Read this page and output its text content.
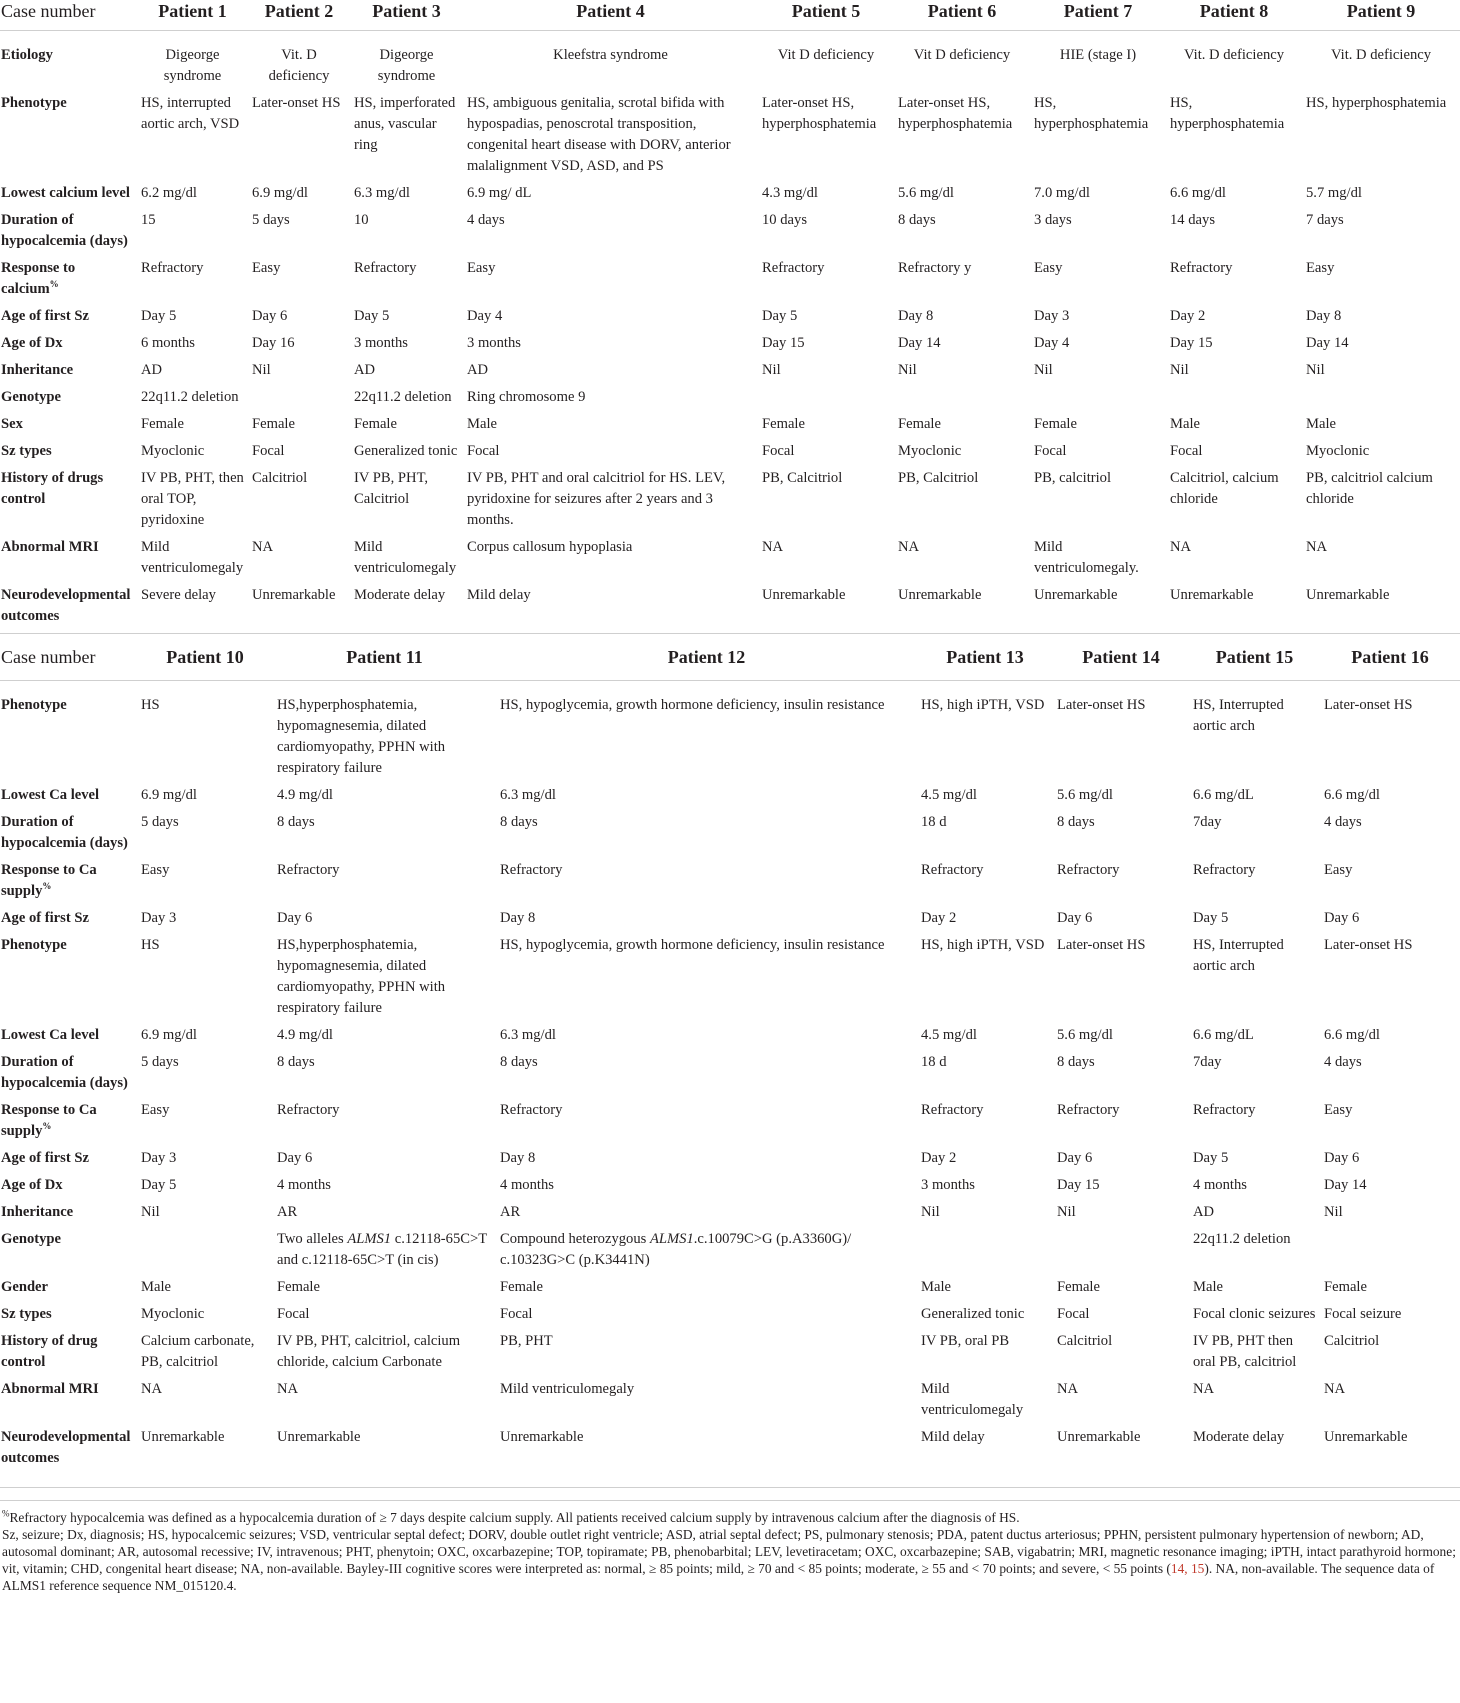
Case number	Patient 1	Patient 2	Patient 3	Patient 4	Patient 5	Patient 6	Patient 7	Patient 8	Patient 9
Etiology	Digeorge syndrome	Vit. D deficiency	Digeorge syndrome	Kleefstra syndrome	Vit D deficiency	Vit D deficiency	HIE (stage I)	Vit. D deficiency	Vit. D deficiency
Phenotype	HS, interrupted aortic arch, VSD	Later-onset HS	HS, imperforated anus, vascular ring	HS, ambiguous genitalia, scrotal bifida with hypospadias, penoscrotal transposition, congenital heart disease with DORV, anterior malalignment VSD, ASD, and PS	Later-onset HS, hyperphosphatemia	Later-onset HS, hyperphosphatemia	HS, hyperphosphatemia	HS, hyperphosphatemia	HS, hyperphosphatemia
Lowest calcium level	6.2 mg/dl	6.9 mg/dl	6.3 mg/dl	6.9 mg/ dL	4.3 mg/dl	5.6 mg/dl	7.0 mg/dl	6.6 mg/dl	5.7 mg/dl
Duration of hypocalcemia (days)	15	5 days	10	4 days	10 days	8 days	3 days	14 days	7 days
Response to calcium%	Refractory	Easy	Refractory	Easy	Refractory	Refractory y	Easy	Refractory	Easy
Age of first Sz	Day 5	Day 6	Day 5	Day 4	Day 5	Day 8	Day 3	Day 2	Day 8
Age of Dx	6 months	Day 16	3 months	3 months	Day 15	Day 14	Day 4	Day 15	Day 14
Inheritance	AD	Nil	AD	AD	Nil	Nil	Nil	Nil	Nil
Genotype	22q11.2 deletion		22q11.2 deletion	Ring chromosome 9					
Sex	Female	Female	Female	Male	Female	Female	Female	Male	Male
Sz types	Myoclonic	Focal	Generalized tonic	Focal	Focal	Myoclonic	Focal	Focal	Myoclonic
History of drugs control	IV PB, PHT, then oral TOP, pyridoxine	Calcitriol	IV PB, PHT, Calcitriol	IV PB, PHT and oral calcitriol for HS. LEV, pyridoxine for seizures after 2 years and 3 months.	PB, Calcitriol	PB, Calcitriol	PB, calcitriol	Calcitriol, calcium chloride	PB, calcitriol calcium chloride
Abnormal MRI	Mild ventriculomegaly	NA	Mild ventriculomegaly	Corpus callosum hypoplasia	NA	NA	Mild ventriculomegaly.	NA	NA
Neurodevelopmental outcomes	Severe delay	Unremarkable	Moderate delay	Mild delay	Unremarkable	Unremarkable	Unremarkable	Unremarkable	Unremarkable
Case number	Patient 10	Patient 11	Patient 12	Patient 13	Patient 14	Patient 15	Patient 16
Phenotype	HS	HS,hyperphosphatemia, hypomagnesemia, dilated cardiomyopathy, PPHN with respiratory failure	HS, hypoglycemia, growth hormone deficiency, insulin resistance	HS, high iPTH, VSD	Later-onset HS	HS, Interrupted aortic arch	Later-onset HS
Lowest Ca level	6.9 mg/dl	4.9 mg/dl	6.3 mg/dl	4.5 mg/dl	5.6 mg/dl	6.6 mg/dL	6.6 mg/dl
Duration of hypocalcemia (days)	5 days	8 days	8 days	18 d	8 days	7day	4 days
Response to Ca supply%	Easy	Refractory	Refractory	Refractory	Refractory	Refractory	Easy
Age of first Sz	Day 3	Day 6	Day 8	Day 2	Day 6	Day 5	Day 6
Phenotype	HS	HS,hyperphosphatemia, hypomagnesemia, dilated cardiomyopathy, PPHN with respiratory failure	HS, hypoglycemia, growth hormone deficiency, insulin resistance	HS, high iPTH, VSD	Later-onset HS	HS, Interrupted aortic arch	Later-onset HS
Lowest Ca level	6.9 mg/dl	4.9 mg/dl	6.3 mg/dl	4.5 mg/dl	5.6 mg/dl	6.6 mg/dL	6.6 mg/dl
Duration of hypocalcemia (days)	5 days	8 days	8 days	18 d	8 days	7day	4 days
Response to Ca supply%	Easy	Refractory	Refractory	Refractory	Refractory	Refractory	Easy
Age of first Sz	Day 3	Day 6	Day 8	Day 2	Day 6	Day 5	Day 6
Age of Dx	Day 5	4 months	4 months	3 months	Day 15	4 months	Day 14
Inheritance	Nil	AR	AR	Nil	Nil	AD	Nil
Genotype		Two alleles ALMS1 c.12118-65C>T and c.12118-65C>T (in cis)	Compound heterozygous ALMS1.c.10079C>G (p.A3360G)/ c.10323G>C (p.K3441N)			22q11.2 deletion	
Gender	Male	Female	Female	Male	Female	Male	Female
Sz types	Myoclonic	Focal	Focal	Generalized tonic	Focal	Focal clonic seizures	Focal seizure
History of drug control	Calcium carbonate, PB, calcitriol	IV PB, PHT, calcitriol, calcium chloride, calcium Carbonate	PB, PHT	IV PB, oral PB	Calcitriol	IV PB, PHT then oral PB, calcitriol	Calcitriol
Abnormal MRI	NA	NA	Mild ventriculomegaly	Mild ventriculomegaly	NA	NA	NA
Neurodevelopmental outcomes	Unremarkable	Unremarkable	Unremarkable	Mild delay	Unremarkable	Moderate delay	Unremarkable

%Refractory hypocalcemia was defined as a hypocalcemia duration of ≥ 7 days despite calcium supply. All patients received calcium supply by intravenous calcium after the diagnosis of HS.

Sz, seizure; Dx, diagnosis; HS, hypocalcemic seizures; VSD, ventricular septal defect; DORV, double outlet right ventricle; ASD, atrial septal defect; PS, pulmonary stenosis; PDA, patent ductus arteriosus; PPHN, persistent pulmonary hypertension of newborn; AD, autosomal dominant; AR, autosomal recessive; IV, intravenous; PHT, phenytoin; OXC, oxcarbazepine; TOP, topiramate; PB, phenobarbital; LEV, levetiracetam; OXC, oxcarbazepine; SAB, vigabatrin; MRI, magnetic resonance imaging; iPTH, intact parathyroid hormone; vit, vitamin; CHD, congenital heart disease; NA, non-available. Bayley-III cognitive scores were interpreted as: normal, ≥ 85 points; mild, ≥ 70 and < 85 points; moderate, ≥ 55 and < 70 points; and severe, < 55 points (14, 15). NA, non-available. The sequence data of ALMS1 reference sequence NM_015120.4.
